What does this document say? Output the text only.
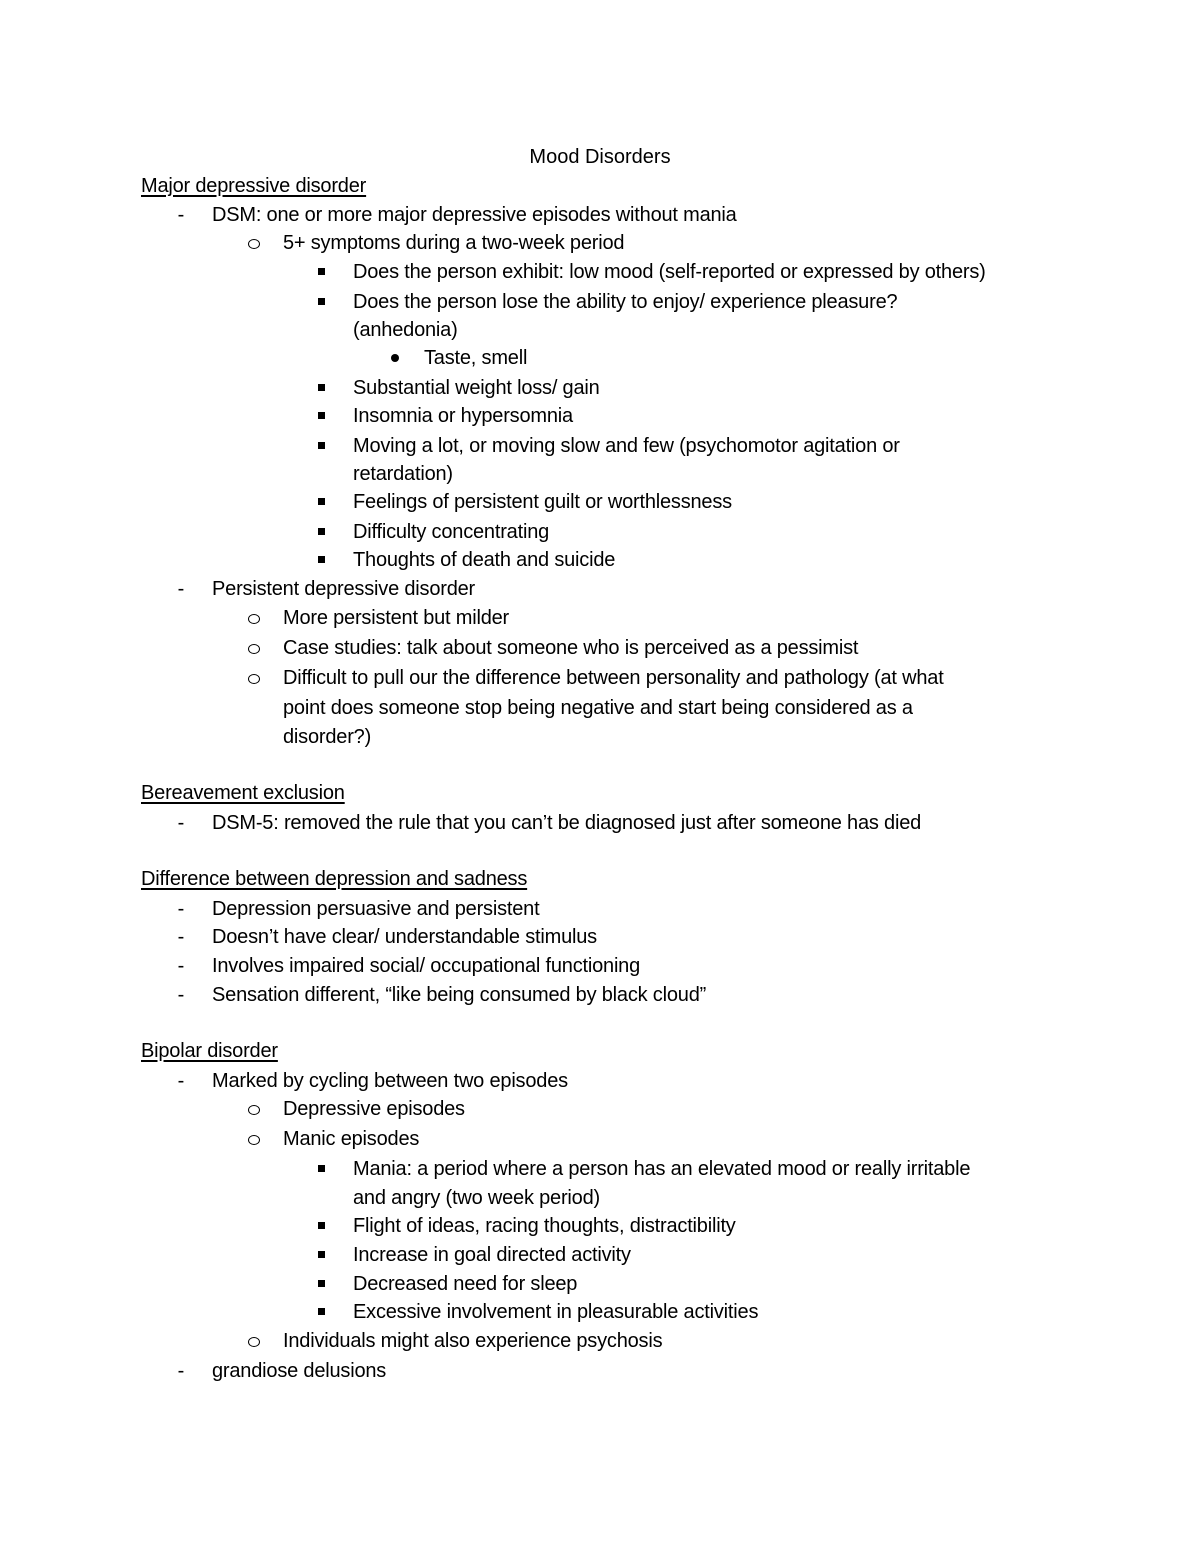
Mood Disorders
Major depressive disorder
-	DSM: one or more major depressive episodes without mania
5+ symptoms during a two-week period
Does the person exhibit: low mood (self-reported or expressed by others)
Does the person lose the ability to enjoy/ experience pleasure?
(anhedonia)
Taste, smell
Substantial weight loss/ gain
Insomnia or hypersomnia
Moving a lot, or moving slow and few (psychomotor agitation or
retardation)
Feelings of persistent guilt or worthlessness
Difficulty concentrating
Thoughts of death and suicide
-	Persistent depressive disorder
More persistent but milder
Case studies: talk about someone who is perceived as a pessimist
Difficult to pull our the difference between personality and pathology (at what
point does someone stop being negative and start being considered as a
disorder?)
Bereavement exclusion
-	DSM-5: removed the rule that you can’t be diagnosed just after someone has died
Difference between depression and sadness
-	Depression persuasive and persistent
-	Doesn’t have clear/ understandable stimulus
-	Involves impaired social/ occupational functioning
-	Sensation different, “like being consumed by black cloud”
Bipolar disorder
-	Marked by cycling between two episodes
Depressive episodes
Manic episodes
Mania: a period where a person has an elevated mood or really irritable
and angry (two week period)
Flight of ideas, racing thoughts, distractibility
Increase in goal directed activity
Decreased need for sleep
Excessive involvement in pleasurable activities
Individuals might also experience psychosis
-	grandiose delusions
